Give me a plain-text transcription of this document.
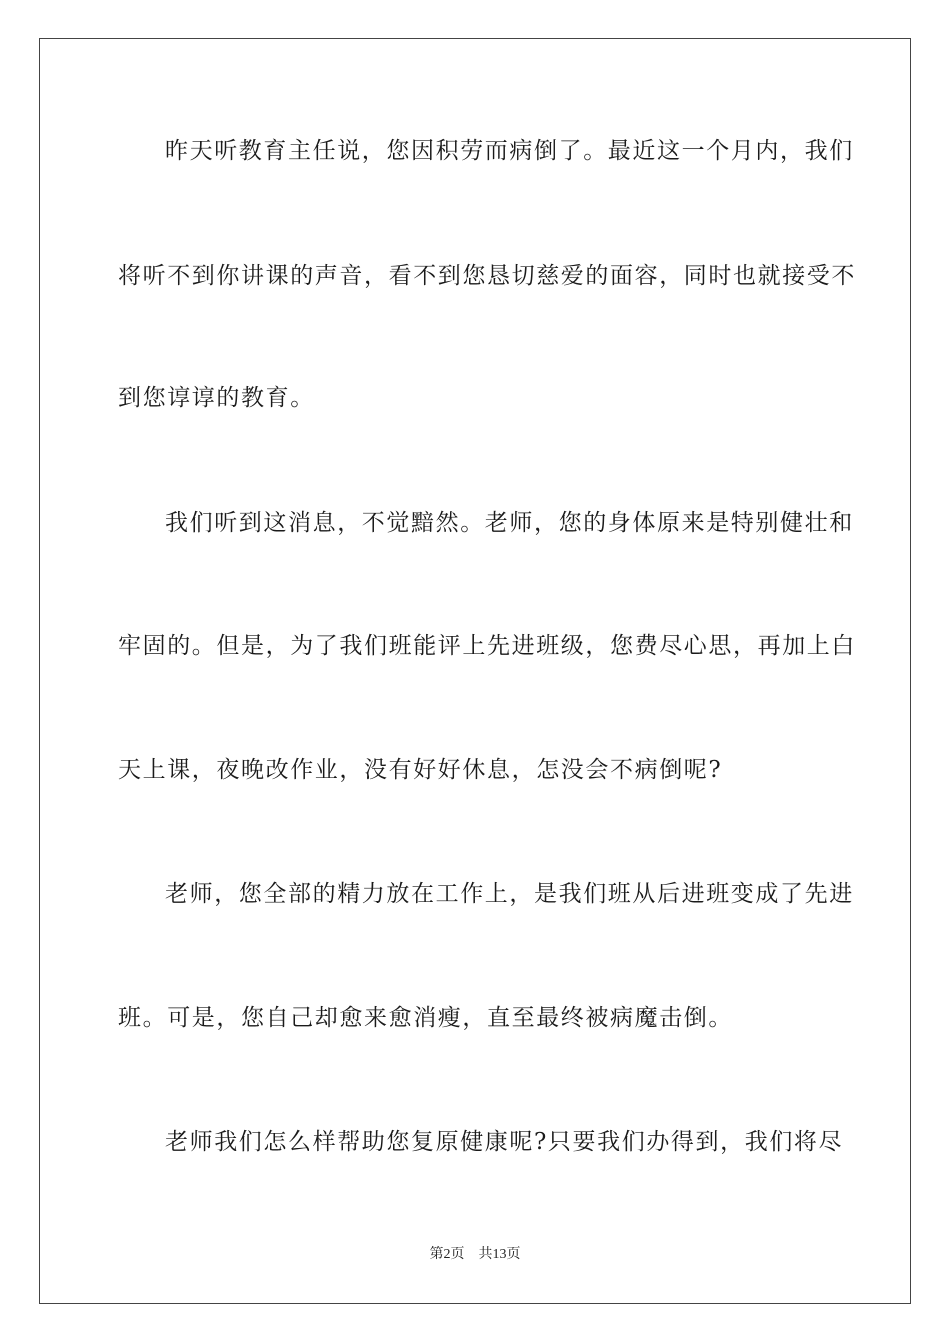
昨天听教育主任说，您因积劳而病倒了。最近这一个月内，我们
将听不到你讲课的声音，看不到您恳切慈爱的面容，同时也就接受不
到您谆谆的教育。
我们听到这消息，不觉黯然。老师，您的身体原来是特别健壮和
牢固的。但是，为了我们班能评上先进班级，您费尽心思，再加上白
天上课，夜晚改作业，没有好好休息，怎没会不病倒呢?
老师，您全部的精力放在工作上，是我们班从后进班变成了先进
班。可是，您自己却愈来愈消瘦，直至最终被病魔击倒。
老师我们怎么样帮助您复原健康呢?只要我们办得到，我们将尽
第2页 共13页
